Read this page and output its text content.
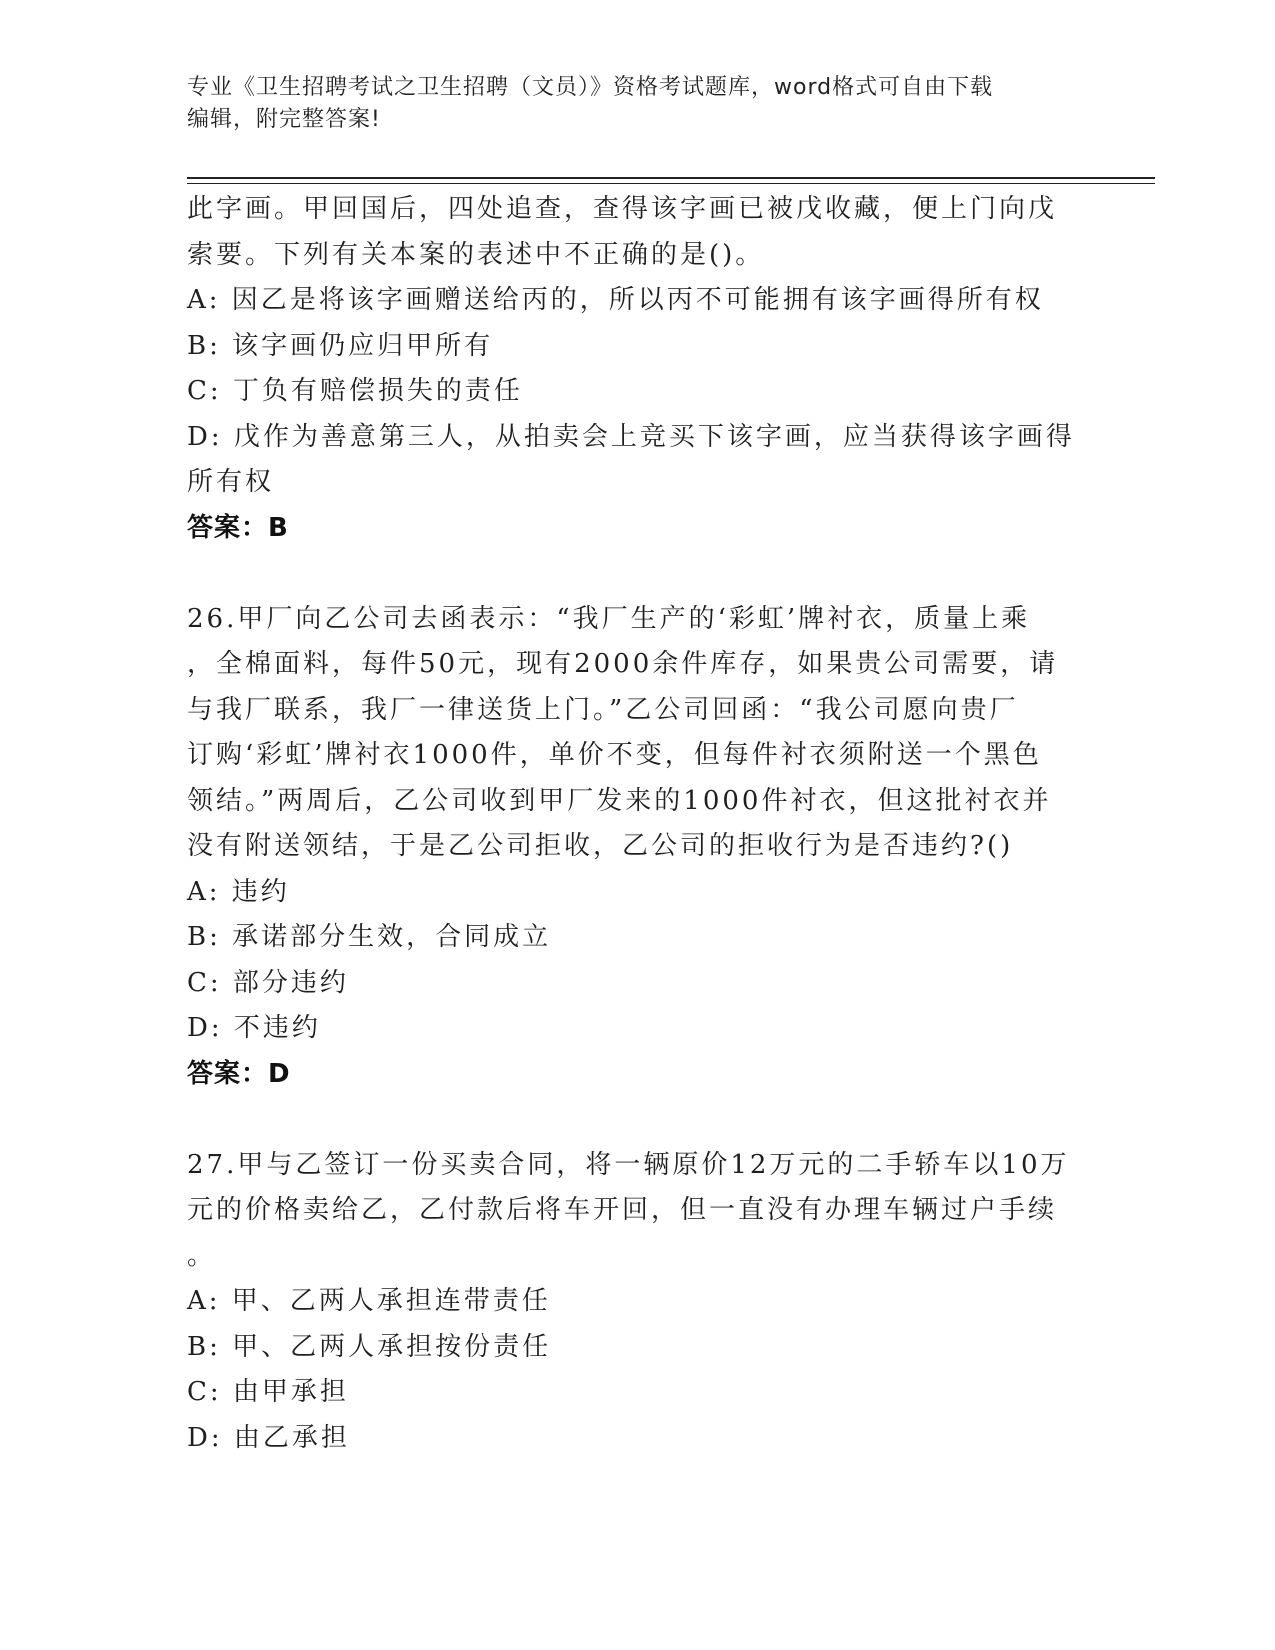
专业《卫生招聘考试之卫生招聘（文员）》资格考试题库，word格式可自由下载
编辑，附完整答案!
此字画。甲回国后，四处追查，查得该字画已被戊收藏，便上门向戊
索要。下列有关本案的表述中不正确的是()。
A: 因乙是将该字画赠送给丙的，所以丙不可能拥有该字画得所有权
B: 该字画仍应归甲所有
C: 丁负有赔偿损失的责任
D: 戊作为善意第三人，从拍卖会上竞买下该字画，应当获得该字画得
所有权
答案：B
26.甲厂向乙公司去函表示：“我厂生产的‘彩虹’牌衬衣，质量上乘
，全棉面料，每件50元，现有2000余件库存，如果贵公司需要，请
与我厂联系，我厂一律送货上门。”乙公司回函：“我公司愿向贵厂
订购‘彩虹’牌衬衣1000件，单价不变，但每件衬衣须附送一个黑色
领结。”两周后，乙公司收到甲厂发来的1000件衬衣，但这批衬衣并
没有附送领结，于是乙公司拒收，乙公司的拒收行为是否违约?()
A: 违约
B: 承诺部分生效，合同成立
C: 部分违约
D: 不违约
答案：D
27.甲与乙签订一份买卖合同，将一辆原价12万元的二手轿车以10万
元的价格卖给乙，乙付款后将车开回，但一直没有办理车辆过户手续
。
A: 甲、乙两人承担连带责任
B: 甲、乙两人承担按份责任
C: 由甲承担
D: 由乙承担
